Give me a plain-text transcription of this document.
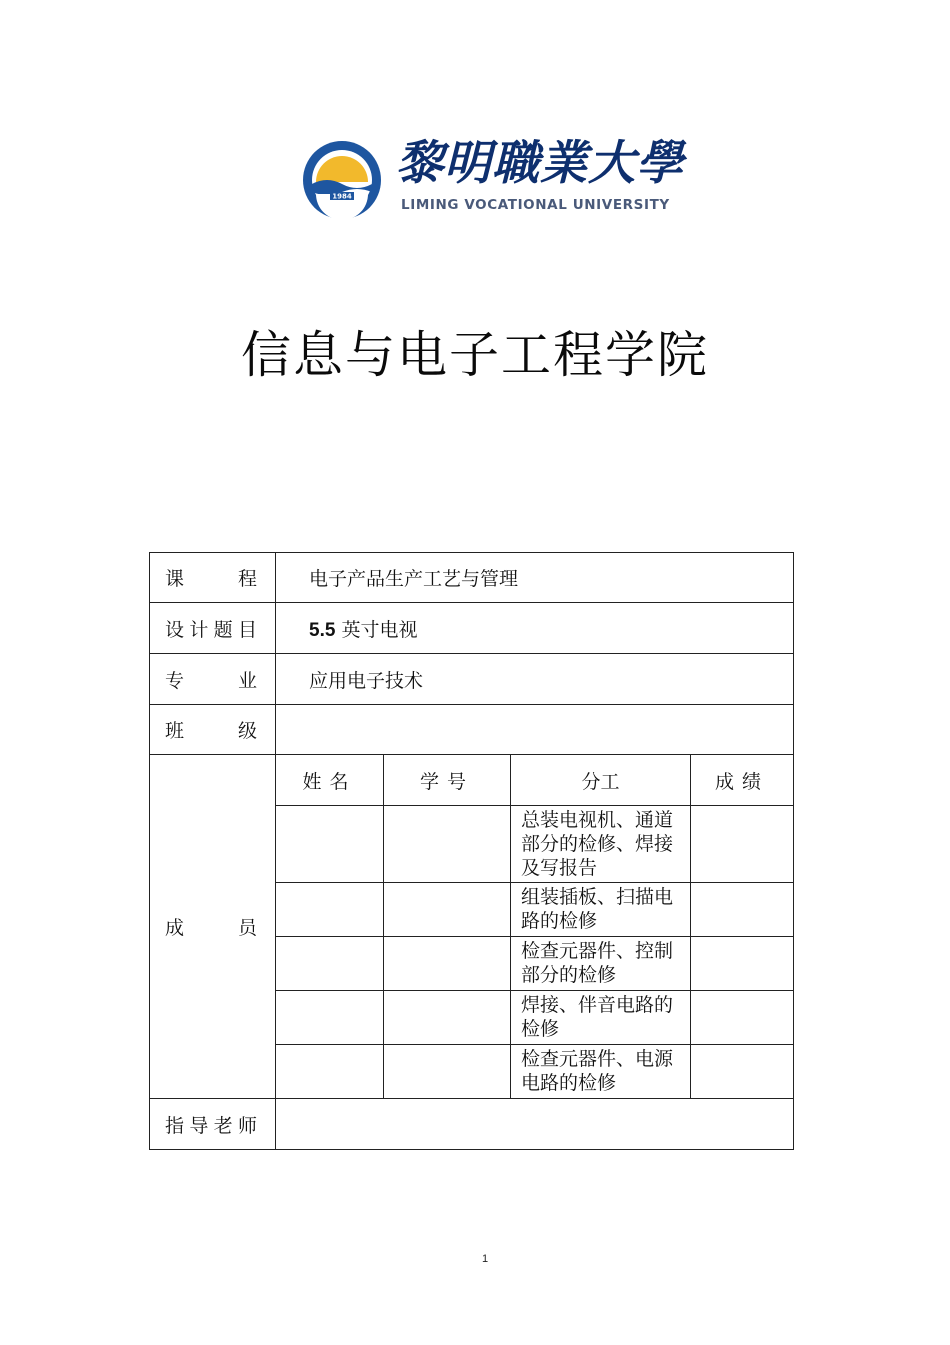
1984
黎明職業大學
LIMING VOCATIONAL UNIVERSITY
信息与电子工程学院
课程	电子产品生产工艺与管理			
设计题目	5.5 英寸电视			
专业	应用电子技术			
班级				
成员	姓名	学号	分工	成绩
			总装电视机、通道部分的检修、焊接及写报告	
			组装插板、扫描电路的检修	
			检查元器件、控制部分的检修	
			焊接、伴音电路的检修	
			检查元器件、电源电路的检修	
指导老师				
1
